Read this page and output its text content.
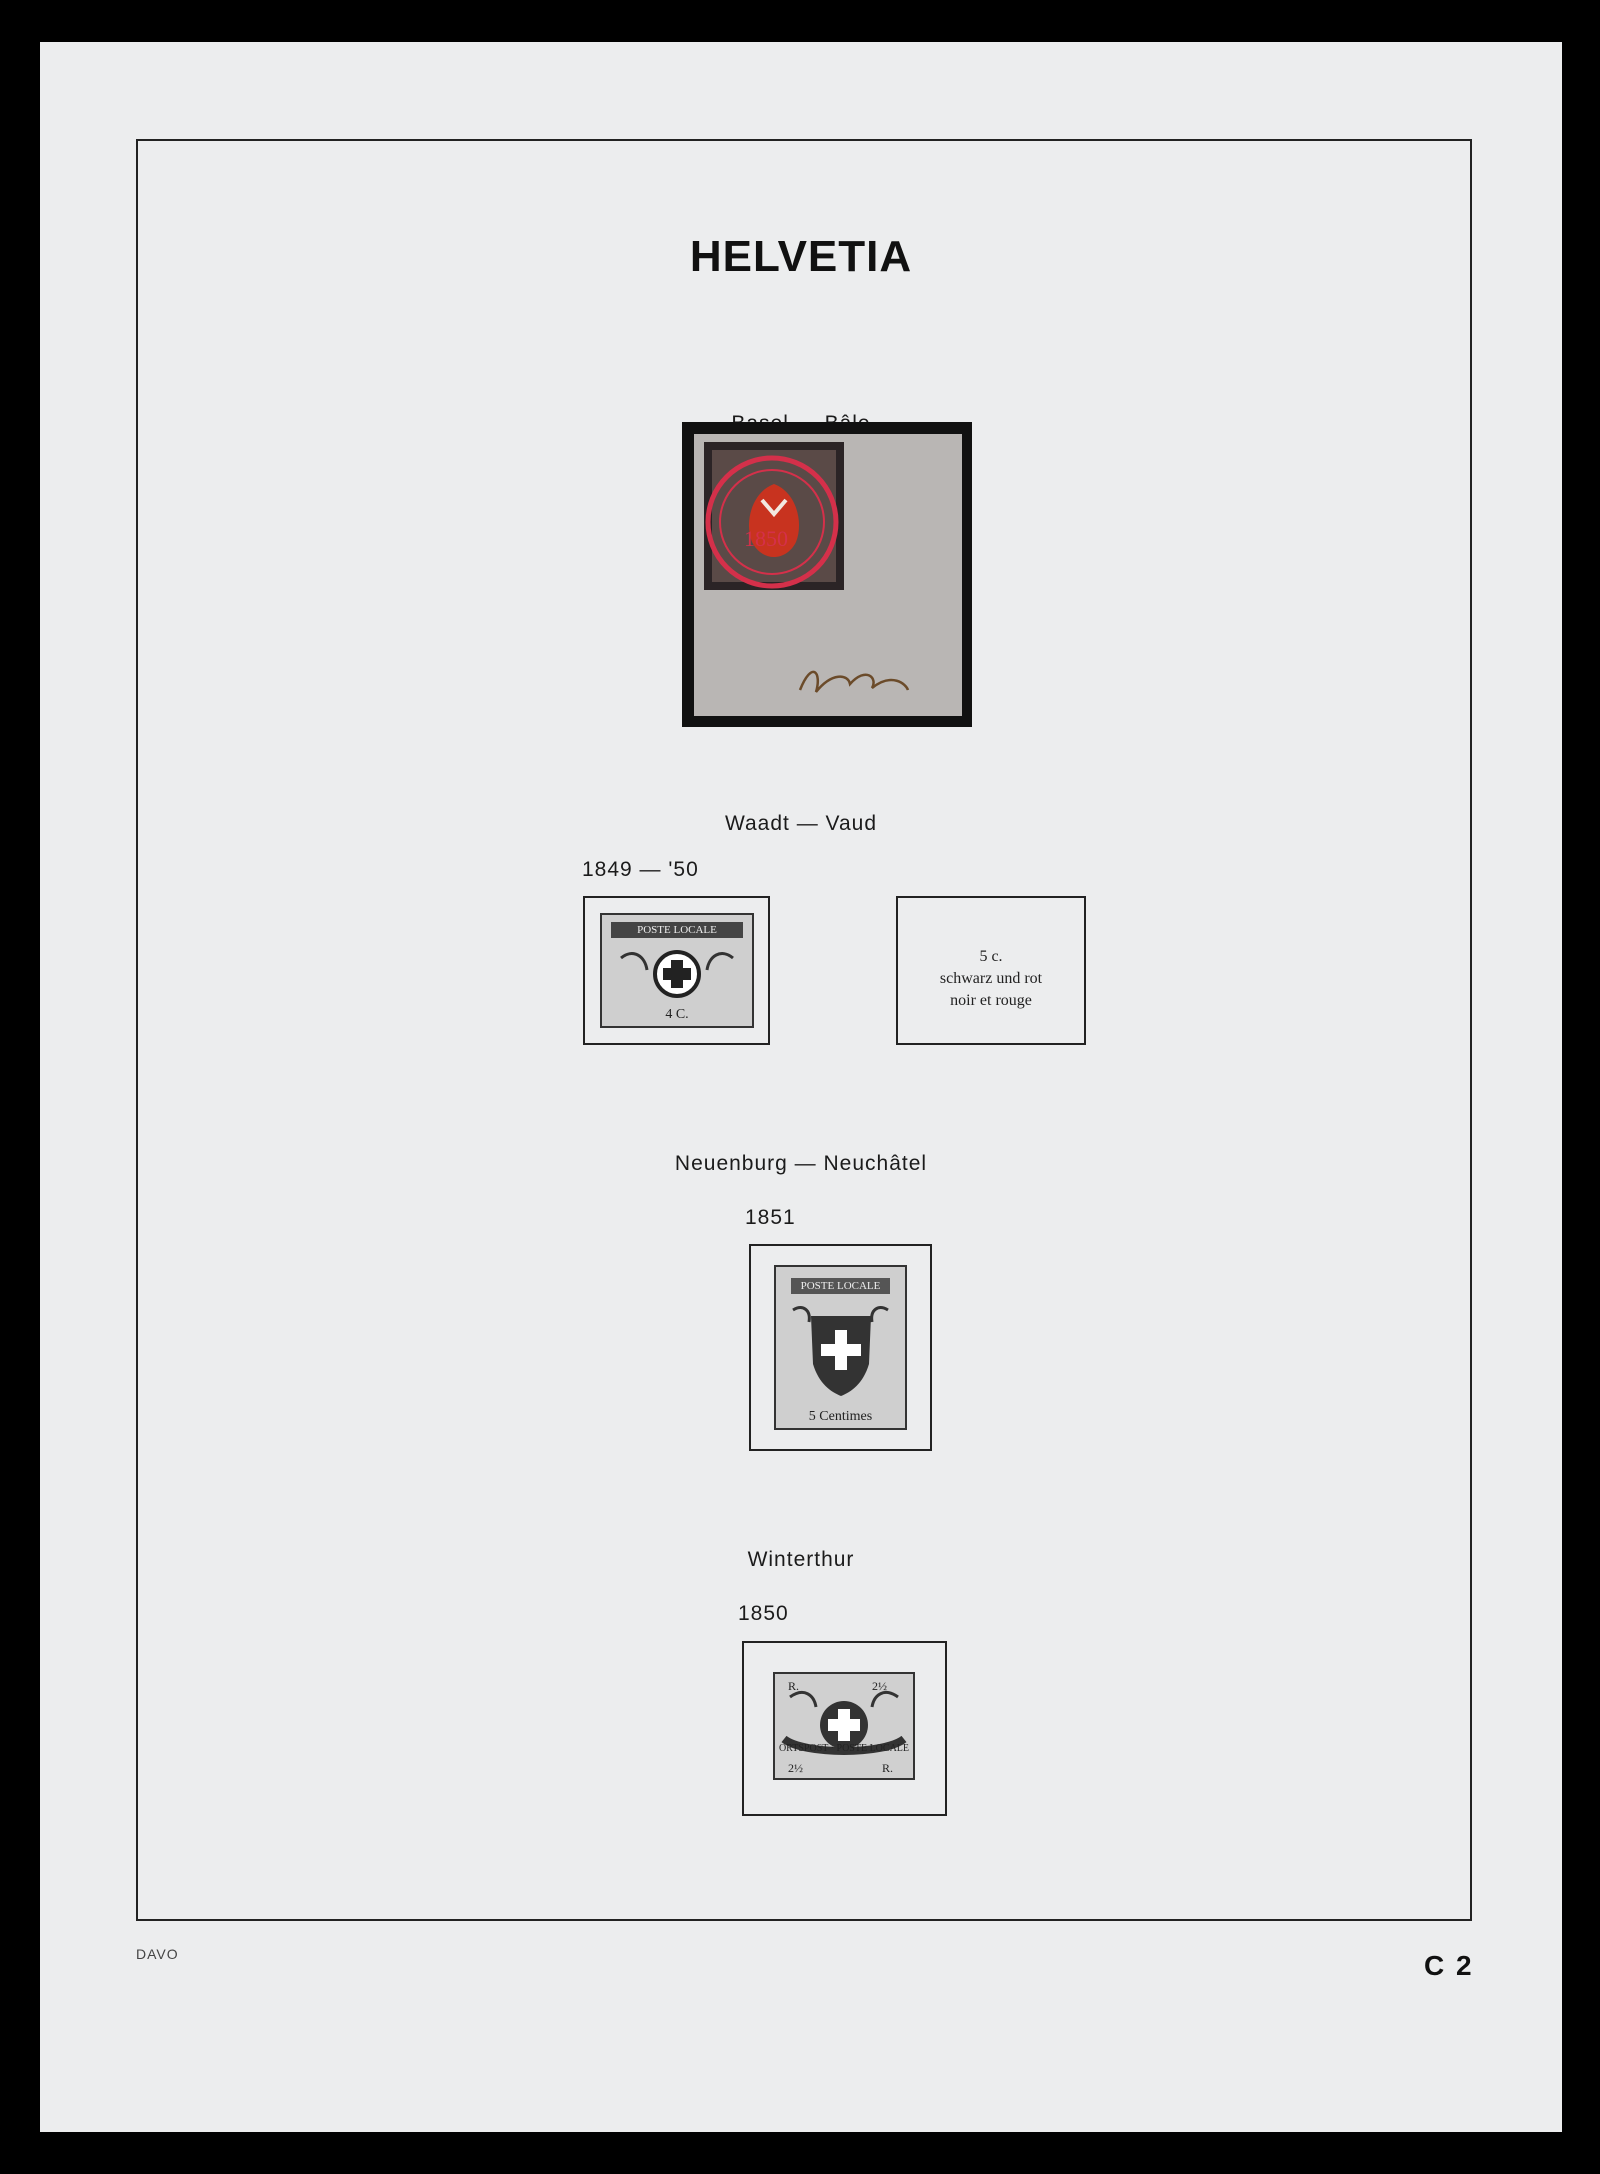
HELVETIA
1850
Waadt — Vaud
1849 — '50
POSTE LOCALE
4 C.
5 c.
schwarz und rot
noir et rouge
Neuenburg — Neuchâtel
1851
POSTE LOCALE
5 Centimes
Winterthur
1850
R.	2½
ORTSPOST · POSTE LOCALE
2½	R.
DAVO	C 2
